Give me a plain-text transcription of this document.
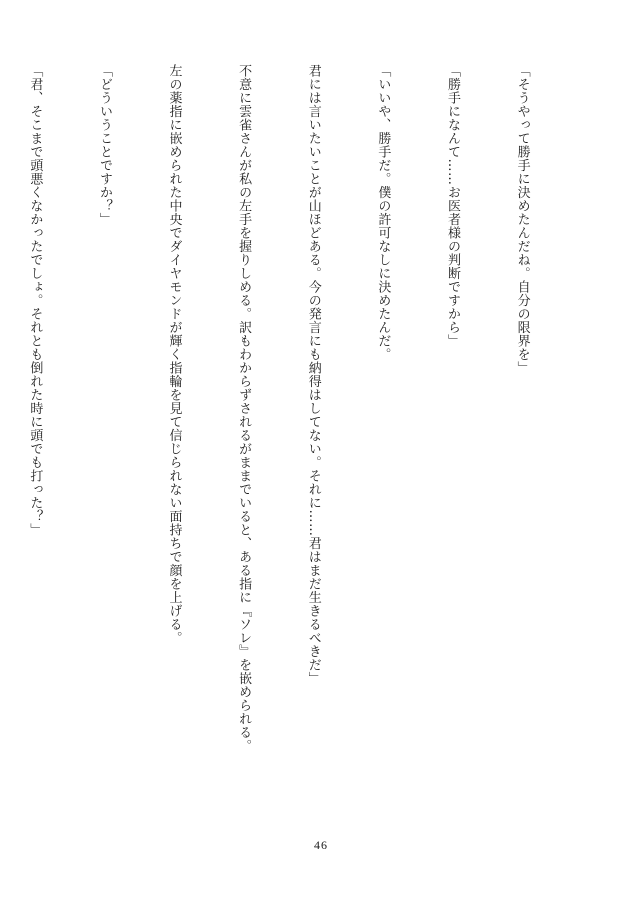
「そうやって勝手に決めたんだね。自分の限界を」

「勝手になんて……お医者様の判断ですから」

「いいや、勝手だ。僕の許可なしに決めたんだ。

君には言いたいことが山ほどある。今の発言にも納得はしてない。それに……君はまだ生きるべきだ」

不意に雲雀さんが私の左手を握りしめる。訳もわからずされるがままでいると、ある指に『ソレ』を嵌められる。

左の薬指に嵌められた中央でダイヤモンドが輝く指輪を見て信じられない面持ちで顔を上げる。

「どういうことですか？」

「君、そこまで頭悪くなかったでしょ。それとも倒れた時に頭でも打った？」

46
